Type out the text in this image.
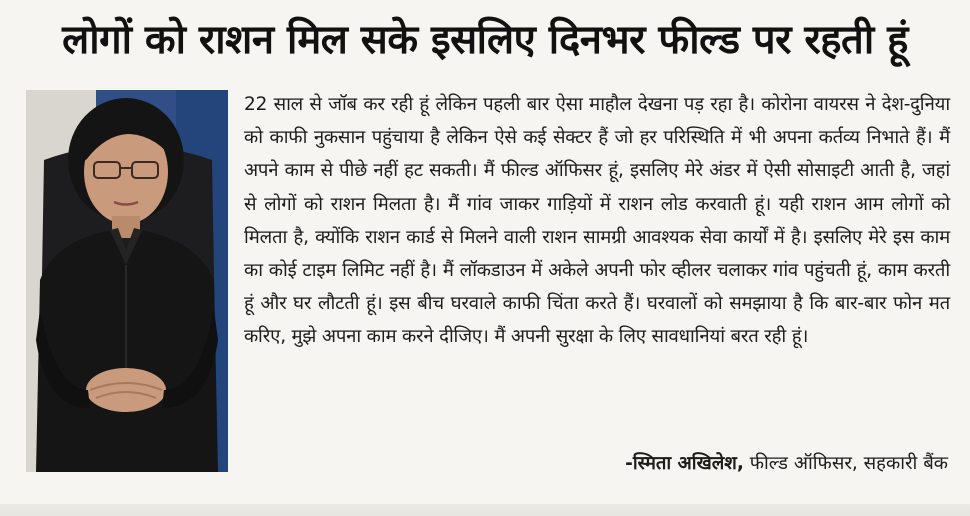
लोगों को राशन मिल सके इसलिए दिनभर फील्ड पर रहती हूं

22 साल से जॉब कर रही हूं लेकिन पहली बार ऐसा माहौल देखना पड़ रहा है। कोरोना वायरस ने देश-दुनिया को काफी नुकसान पहुंचाया है लेकिन ऐसे कई सेक्टर हैं जो हर परिस्थिति में भी अपना कर्तव्य निभाते हैं। मैं अपने काम से पीछे नहीं हट सकती। मैं फील्ड ऑफिसर हूं, इसलिए मेरे अंडर में ऐसी सोसाइटी आती है, जहां से लोगों को राशन मिलता है। मैं गांव जाकर गाड़ियों में राशन लोड करवाती हूं। यही राशन आम लोगों को मिलता है, क्योंकि राशन कार्ड से मिलने वाली राशन सामग्री आवश्यक सेवा कार्यों में है। इसलिए मेरे इस काम का कोई टाइम लिमिट नहीं है। मैं लॉकडाउन में अकेले अपनी फोर व्हीलर चलाकर गांव पहुंचती हूं, काम करती हूं और घर लौटती हूं। इस बीच घरवाले काफी चिंता करते हैं। घरवालों को समझाया है कि बार-बार फोन मत करिए, मुझे अपना काम करने दीजिए। मैं अपनी सुरक्षा के लिए सावधानियां बरत रही हूं।

-स्मिता अखिलेश, फील्ड ऑफिसर, सहकारी बैंक
